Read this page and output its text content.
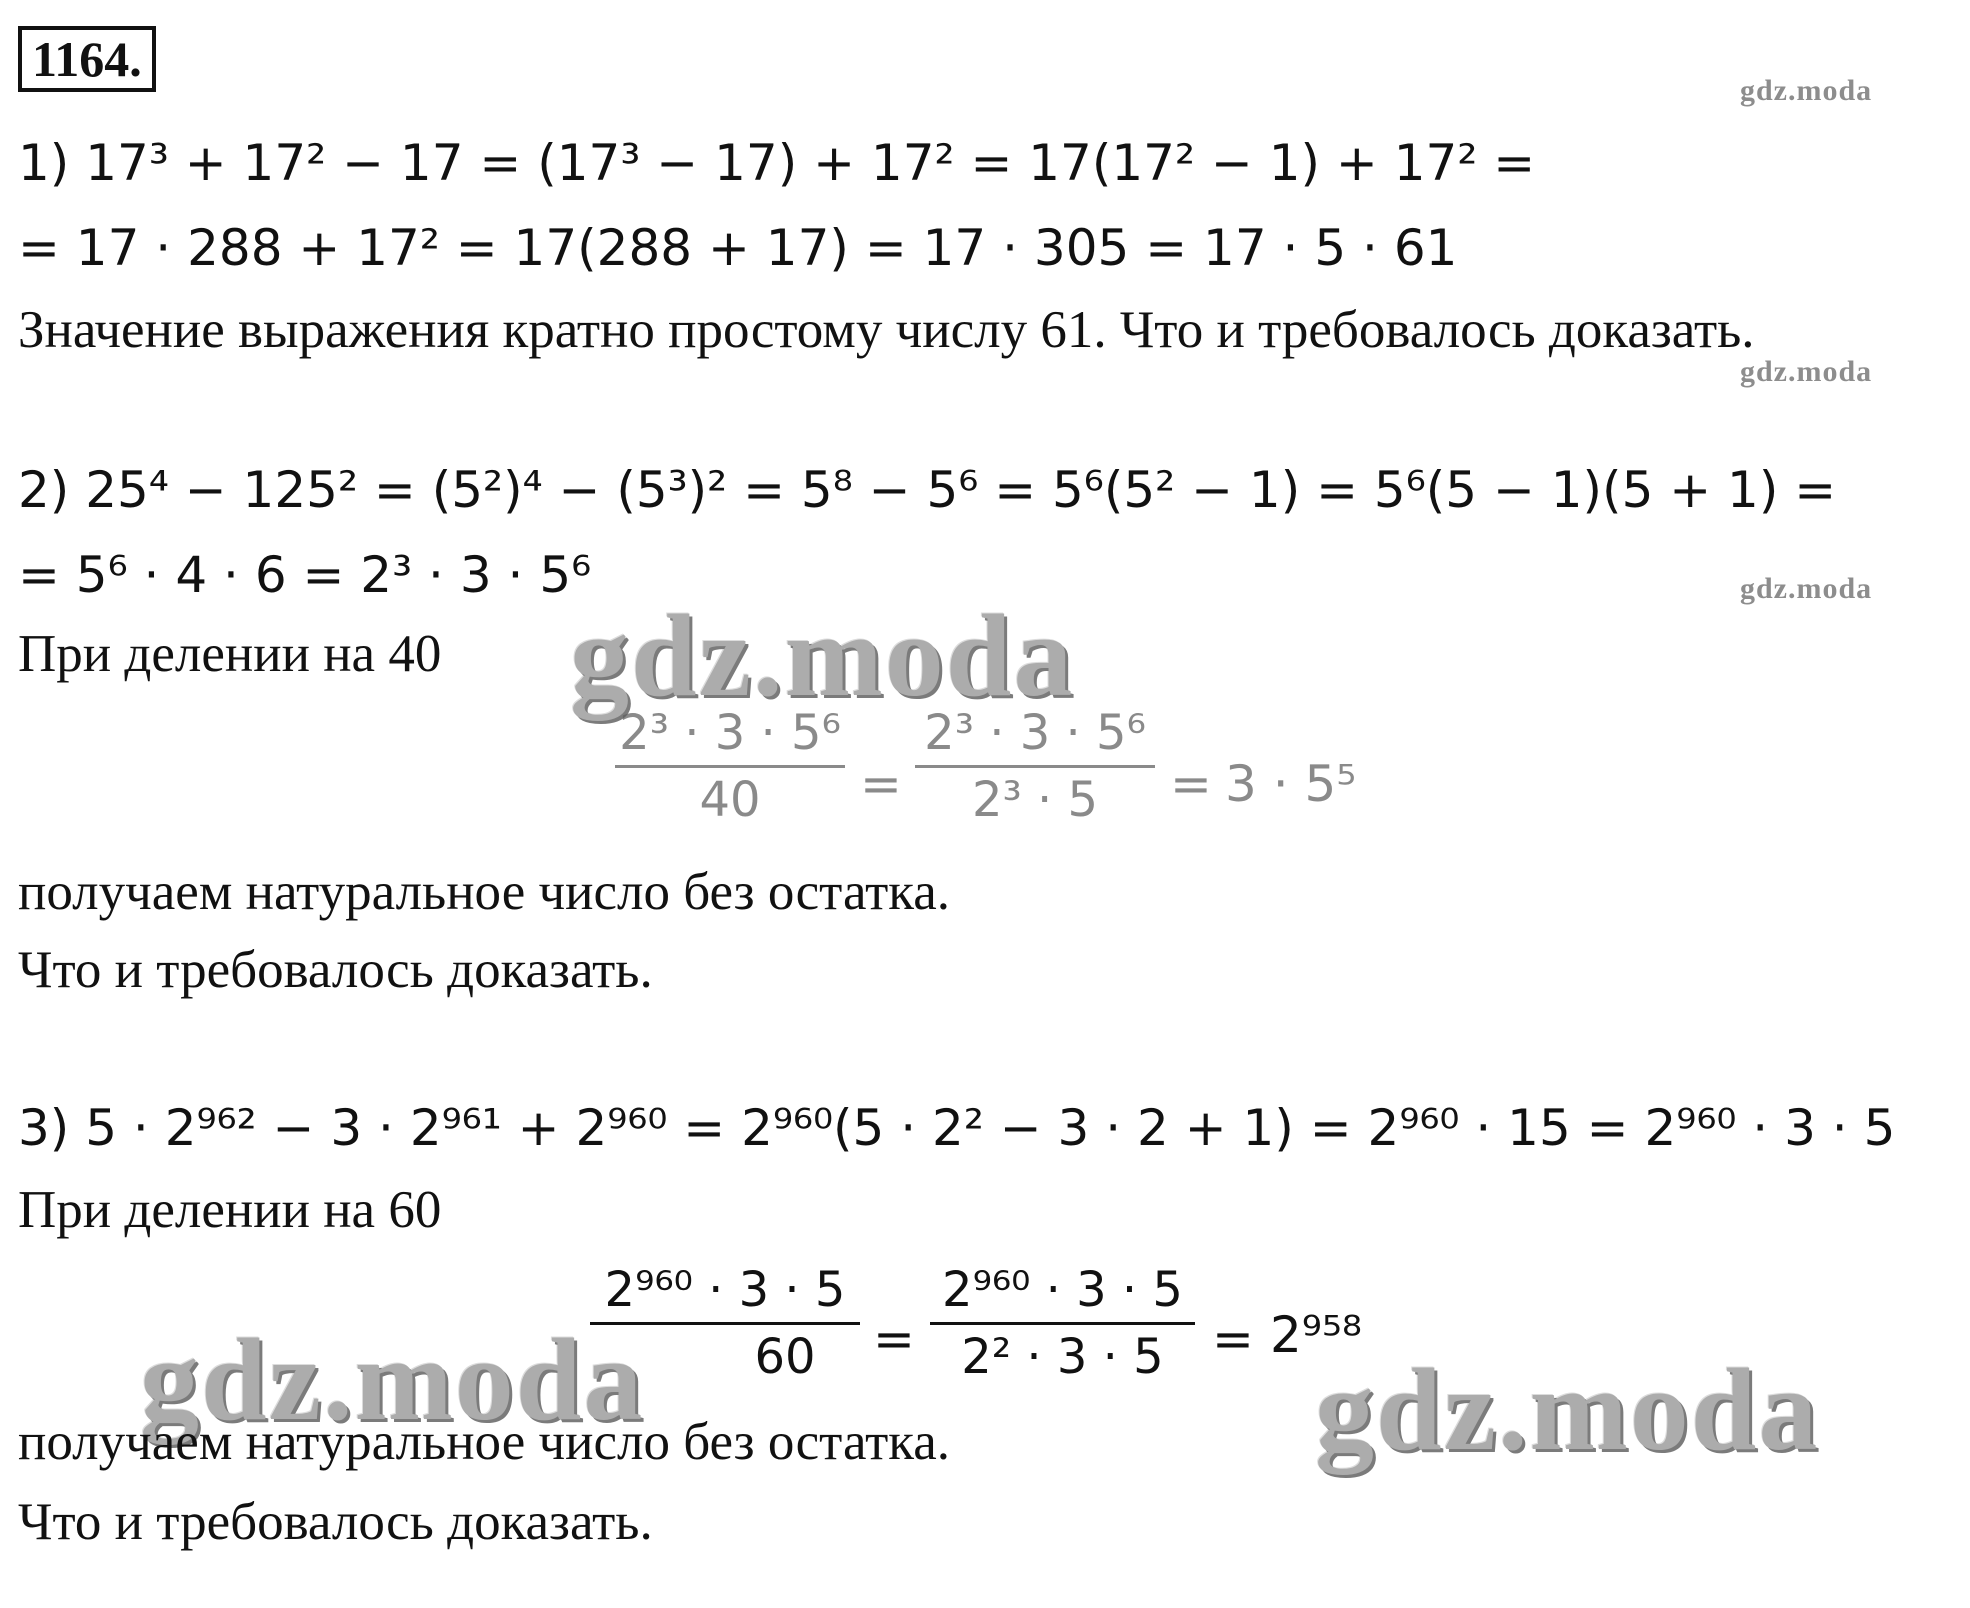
1164.
gdz.moda
gdz.moda
gdz.moda
1) 17³ + 17² − 17 = (17³ − 17) + 17² = 17(17² − 1) + 17² =
= 17 · 288 + 17² = 17(288 + 17) = 17 · 305 = 17 · 5 · 61
Значение выражения кратно простому числу 61. Что и требовалось доказать.
2) 25⁴ − 125² = (5²)⁴ − (5³)² = 5⁸ − 5⁶ = 5⁶(5² − 1) = 5⁶(5 − 1)(5 + 1) =
= 5⁶ · 4 · 6 = 2³ · 3 · 5⁶
При делении на 40
2³ · 3 · 5⁶
40	=
2³ · 3 · 5⁶
2³ · 5	= 3 · 5⁵
gdz.moda
получаем натуральное число без остатка.
Что и требовалось доказать.
3) 5 · 2⁹⁶² − 3 · 2⁹⁶¹ + 2⁹⁶⁰ = 2⁹⁶⁰(5 · 2² − 3 · 2 + 1) = 2⁹⁶⁰ · 15 = 2⁹⁶⁰ · 3 · 5
При делении на 60
2⁹⁶⁰ · 3 · 5
60	=
2⁹⁶⁰ · 3 · 5
2² · 3 · 5 = 2⁹⁵⁸
gdz.moda	gdz.moda
получаем натуральное число без остатка.
Что и требовалось доказать.
